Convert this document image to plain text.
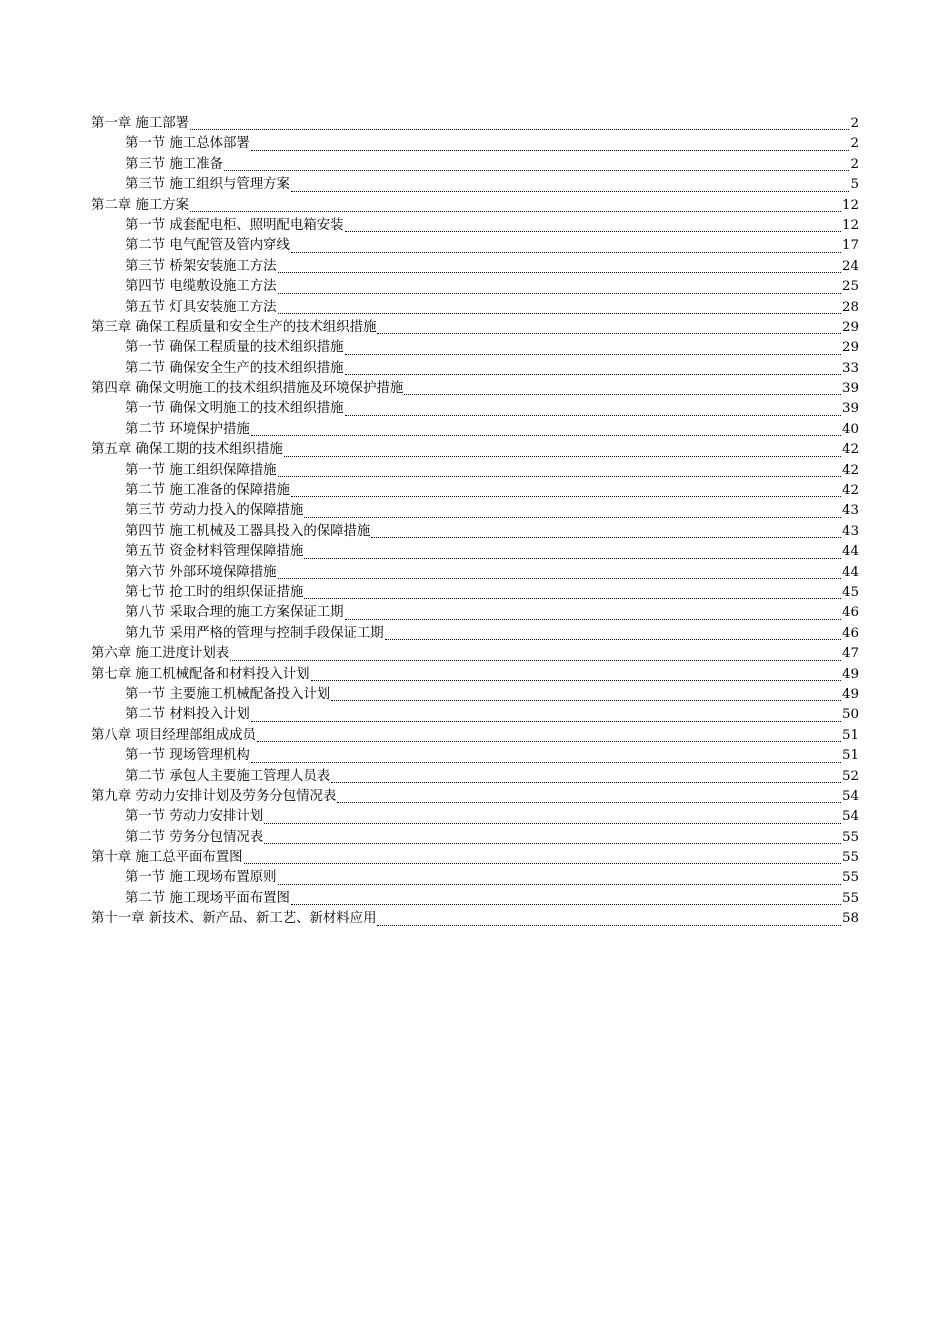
第一章 施工部署	2
第一节 施工总体部署	2
第三节 施工准备	2
第三节 施工组织与管理方案	5
第二章 施工方案	12
第一节 成套配电柜、照明配电箱安装	12
第二节 电气配管及管内穿线	17
第三节 桥架安装施工方法	24
第四节 电缆敷设施工方法	25
第五节 灯具安装施工方法	28
第三章 确保工程质量和安全生产的技术组织措施	29
第一节 确保工程质量的技术组织措施	29
第二节 确保安全生产的技术组织措施	33
第四章 确保文明施工的技术组织措施及环境保护措施	39
第一节 确保文明施工的技术组织措施	39
第二节 环境保护措施	40
第五章 确保工期的技术组织措施	42
第一节 施工组织保障措施	42
第二节 施工准备的保障措施	42
第三节 劳动力投入的保障措施	43
第四节 施工机械及工器具投入的保障措施	43
第五节 资金材料管理保障措施	44
第六节 外部环境保障措施	44
第七节 抢工时的组织保证措施	45
第八节 采取合理的施工方案保证工期	46
第九节 采用严格的管理与控制手段保证工期	46
第六章 施工进度计划表	47
第七章 施工机械配备和材料投入计划	49
第一节 主要施工机械配备投入计划	49
第二节 材料投入计划	50
第八章 项目经理部组成成员	51
第一节 现场管理机构	51
第二节 承包人主要施工管理人员表	52
第九章 劳动力安排计划及劳务分包情况表	54
第一节 劳动力安排计划	54
第二节 劳务分包情况表	55
第十章 施工总平面布置图	55
第一节 施工现场布置原则	55
第二节 施工现场平面布置图	55
第十一章 新技术、新产品、新工艺、新材料应用	58
